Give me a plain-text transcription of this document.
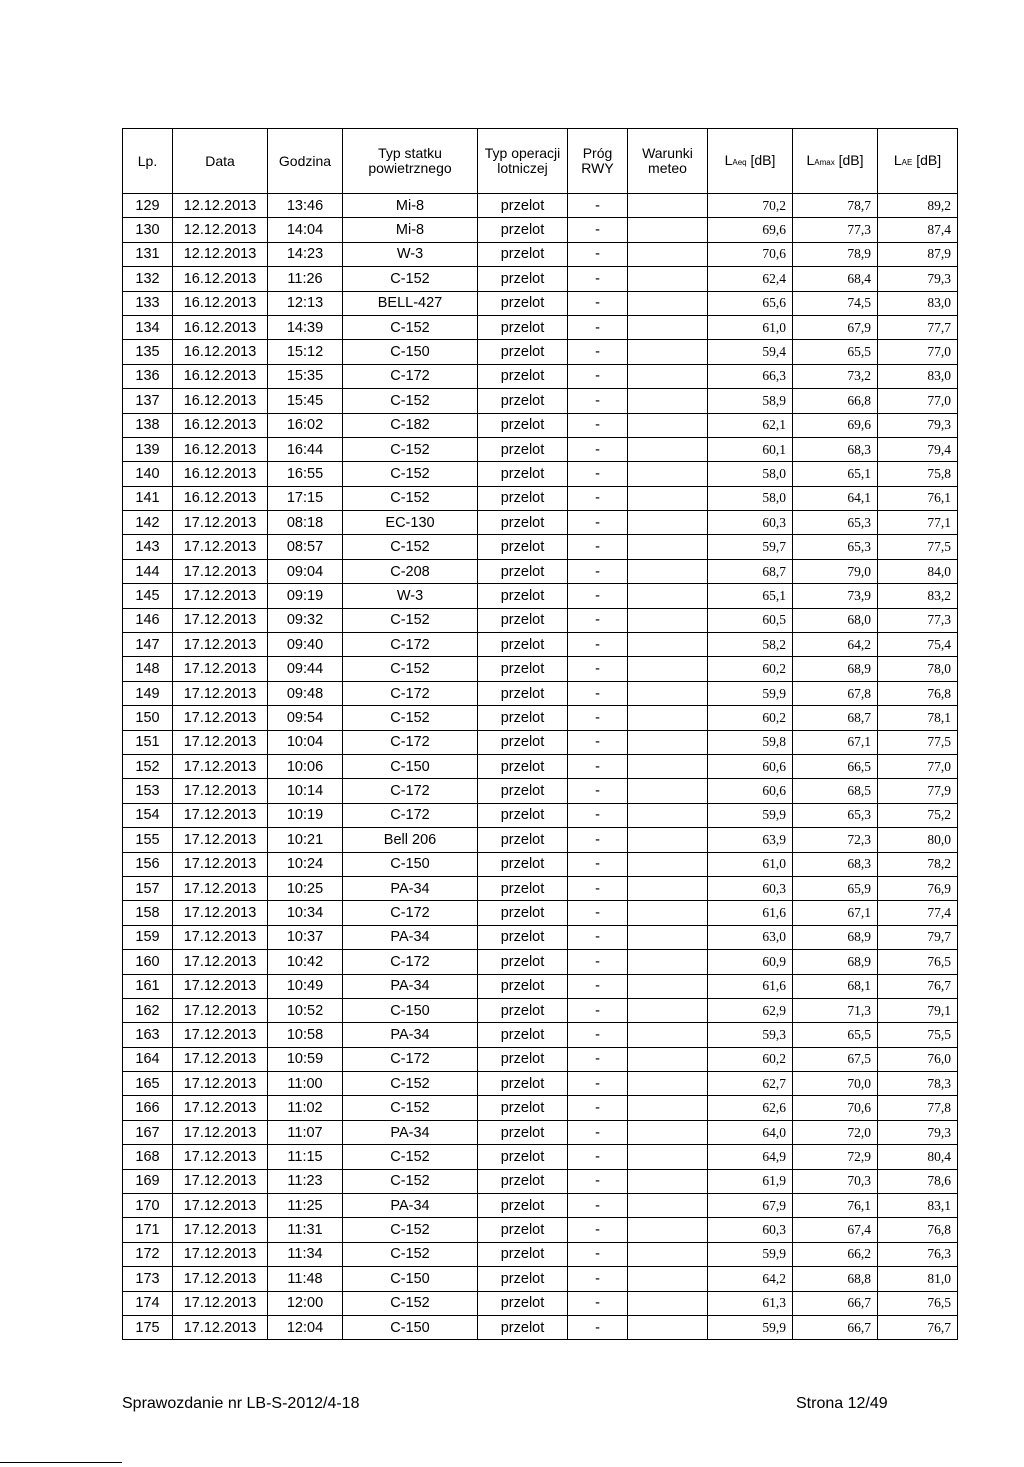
Lp.	Data	Godzina	Typ statku powietrznego	Typ operacji lotniczej	Próg RWY	Warunki meteo	LAeq [dB]	LAmax [dB]	LAE [dB]
129	12.12.2013	13:46	Mi-8	przelot	-		70,2	78,7	89,2
130	12.12.2013	14:04	Mi-8	przelot	-		69,6	77,3	87,4
131	12.12.2013	14:23	W-3	przelot	-		70,6	78,9	87,9
132	16.12.2013	11:26	C-152	przelot	-		62,4	68,4	79,3
133	16.12.2013	12:13	BELL-427	przelot	-		65,6	74,5	83,0
134	16.12.2013	14:39	C-152	przelot	-		61,0	67,9	77,7
135	16.12.2013	15:12	C-150	przelot	-		59,4	65,5	77,0
136	16.12.2013	15:35	C-172	przelot	-		66,3	73,2	83,0
137	16.12.2013	15:45	C-152	przelot	-		58,9	66,8	77,0
138	16.12.2013	16:02	C-182	przelot	-		62,1	69,6	79,3
139	16.12.2013	16:44	C-152	przelot	-		60,1	68,3	79,4
140	16.12.2013	16:55	C-152	przelot	-		58,0	65,1	75,8
141	16.12.2013	17:15	C-152	przelot	-		58,0	64,1	76,1
142	17.12.2013	08:18	EC-130	przelot	-		60,3	65,3	77,1
143	17.12.2013	08:57	C-152	przelot	-		59,7	65,3	77,5
144	17.12.2013	09:04	C-208	przelot	-		68,7	79,0	84,0
145	17.12.2013	09:19	W-3	przelot	-		65,1	73,9	83,2
146	17.12.2013	09:32	C-152	przelot	-		60,5	68,0	77,3
147	17.12.2013	09:40	C-172	przelot	-		58,2	64,2	75,4
148	17.12.2013	09:44	C-152	przelot	-		60,2	68,9	78,0
149	17.12.2013	09:48	C-172	przelot	-		59,9	67,8	76,8
150	17.12.2013	09:54	C-152	przelot	-		60,2	68,7	78,1
151	17.12.2013	10:04	C-172	przelot	-		59,8	67,1	77,5
152	17.12.2013	10:06	C-150	przelot	-		60,6	66,5	77,0
153	17.12.2013	10:14	C-172	przelot	-		60,6	68,5	77,9
154	17.12.2013	10:19	C-172	przelot	-		59,9	65,3	75,2
155	17.12.2013	10:21	Bell 206	przelot	-		63,9	72,3	80,0
156	17.12.2013	10:24	C-150	przelot	-		61,0	68,3	78,2
157	17.12.2013	10:25	PA-34	przelot	-		60,3	65,9	76,9
158	17.12.2013	10:34	C-172	przelot	-		61,6	67,1	77,4
159	17.12.2013	10:37	PA-34	przelot	-		63,0	68,9	79,7
160	17.12.2013	10:42	C-172	przelot	-		60,9	68,9	76,5
161	17.12.2013	10:49	PA-34	przelot	-		61,6	68,1	76,7
162	17.12.2013	10:52	C-150	przelot	-		62,9	71,3	79,1
163	17.12.2013	10:58	PA-34	przelot	-		59,3	65,5	75,5
164	17.12.2013	10:59	C-172	przelot	-		60,2	67,5	76,0
165	17.12.2013	11:00	C-152	przelot	-		62,7	70,0	78,3
166	17.12.2013	11:02	C-152	przelot	-		62,6	70,6	77,8
167	17.12.2013	11:07	PA-34	przelot	-		64,0	72,0	79,3
168	17.12.2013	11:15	C-152	przelot	-		64,9	72,9	80,4
169	17.12.2013	11:23	C-152	przelot	-		61,9	70,3	78,6
170	17.12.2013	11:25	PA-34	przelot	-		67,9	76,1	83,1
171	17.12.2013	11:31	C-152	przelot	-		60,3	67,4	76,8
172	17.12.2013	11:34	C-152	przelot	-		59,9	66,2	76,3
173	17.12.2013	11:48	C-150	przelot	-		64,2	68,8	81,0
174	17.12.2013	12:00	C-152	przelot	-		61,3	66,7	76,5
175	17.12.2013	12:04	C-150	przelot	-		59,9	66,7	76,7
Sprawozdanie nr LB-S-2012/4-18	Strona 12/49
